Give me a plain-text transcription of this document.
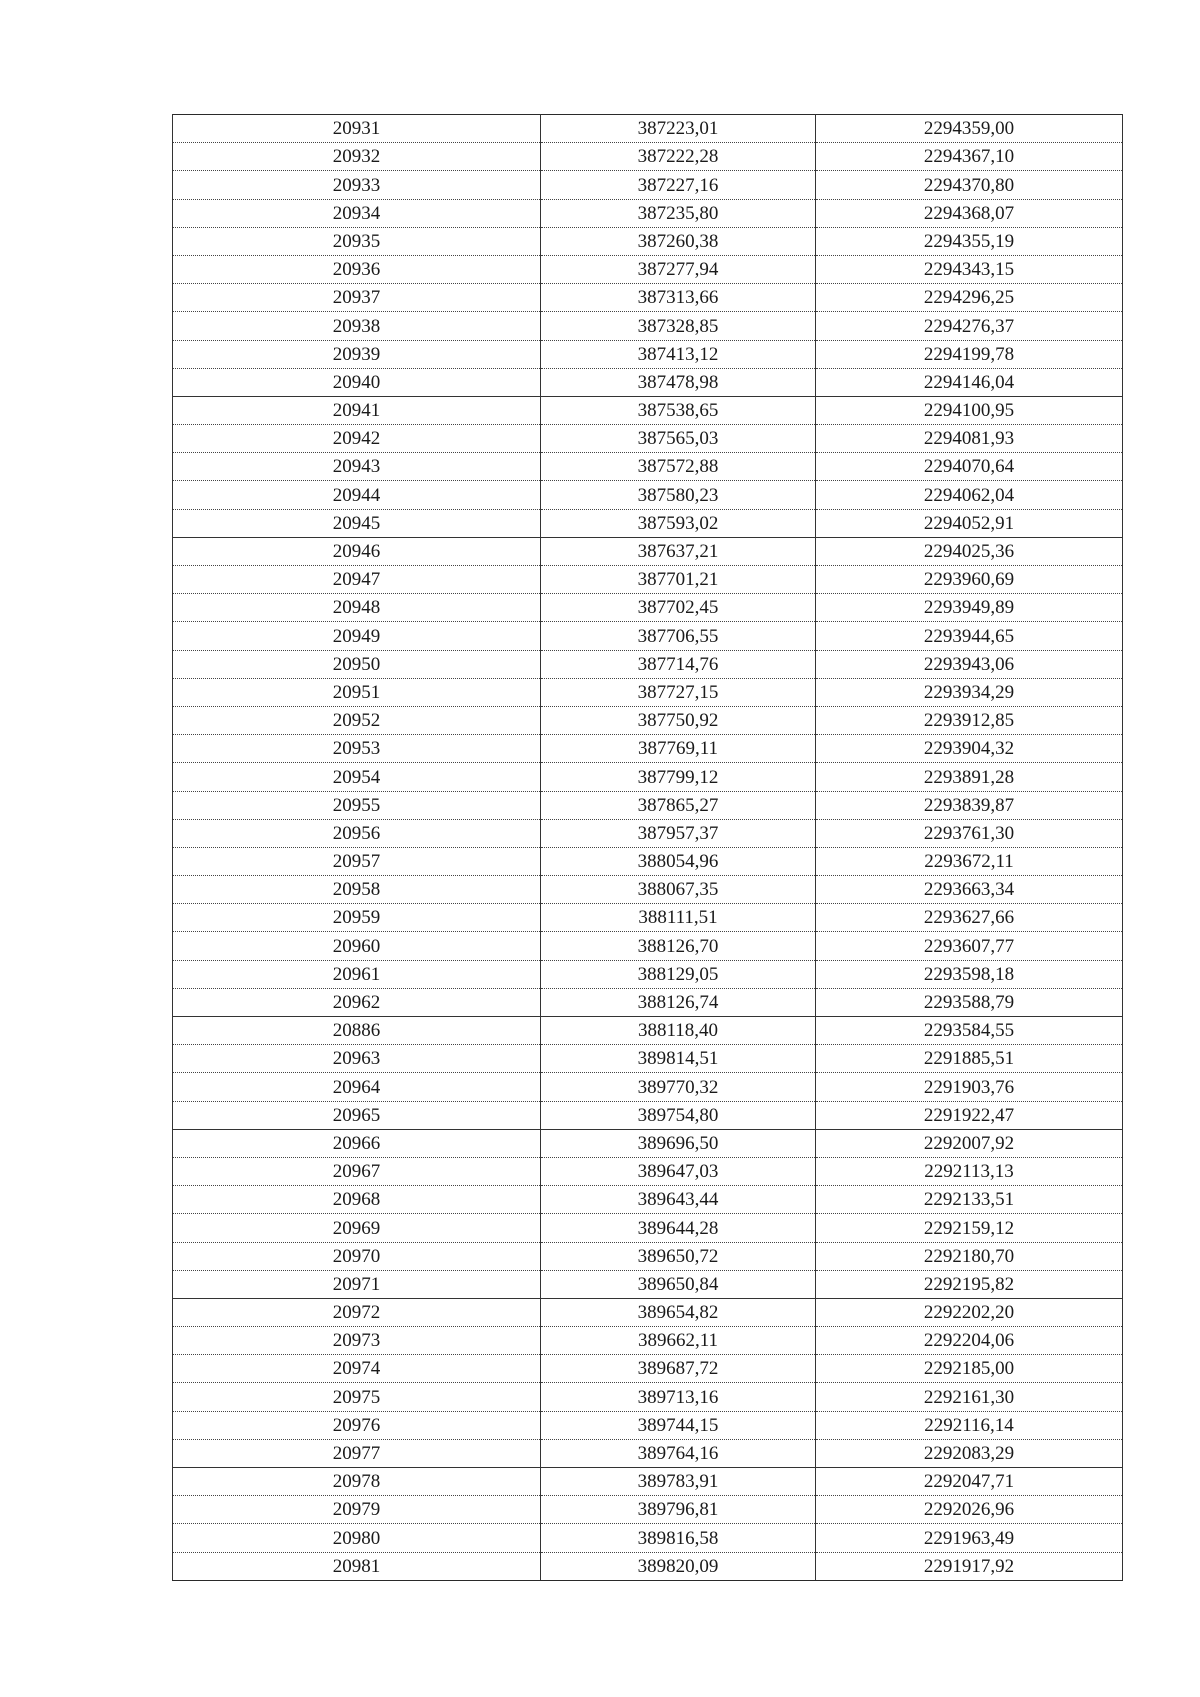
20931	387223,01	2294359,00
20932	387222,28	2294367,10
20933	387227,16	2294370,80
20934	387235,80	2294368,07
20935	387260,38	2294355,19
20936	387277,94	2294343,15
20937	387313,66	2294296,25
20938	387328,85	2294276,37
20939	387413,12	2294199,78
20940	387478,98	2294146,04
20941	387538,65	2294100,95
20942	387565,03	2294081,93
20943	387572,88	2294070,64
20944	387580,23	2294062,04
20945	387593,02	2294052,91
20946	387637,21	2294025,36
20947	387701,21	2293960,69
20948	387702,45	2293949,89
20949	387706,55	2293944,65
20950	387714,76	2293943,06
20951	387727,15	2293934,29
20952	387750,92	2293912,85
20953	387769,11	2293904,32
20954	387799,12	2293891,28
20955	387865,27	2293839,87
20956	387957,37	2293761,30
20957	388054,96	2293672,11
20958	388067,35	2293663,34
20959	388111,51	2293627,66
20960	388126,70	2293607,77
20961	388129,05	2293598,18
20962	388126,74	2293588,79
20886	388118,40	2293584,55
20963	389814,51	2291885,51
20964	389770,32	2291903,76
20965	389754,80	2291922,47
20966	389696,50	2292007,92
20967	389647,03	2292113,13
20968	389643,44	2292133,51
20969	389644,28	2292159,12
20970	389650,72	2292180,70
20971	389650,84	2292195,82
20972	389654,82	2292202,20
20973	389662,11	2292204,06
20974	389687,72	2292185,00
20975	389713,16	2292161,30
20976	389744,15	2292116,14
20977	389764,16	2292083,29
20978	389783,91	2292047,71
20979	389796,81	2292026,96
20980	389816,58	2291963,49
20981	389820,09	2291917,92
